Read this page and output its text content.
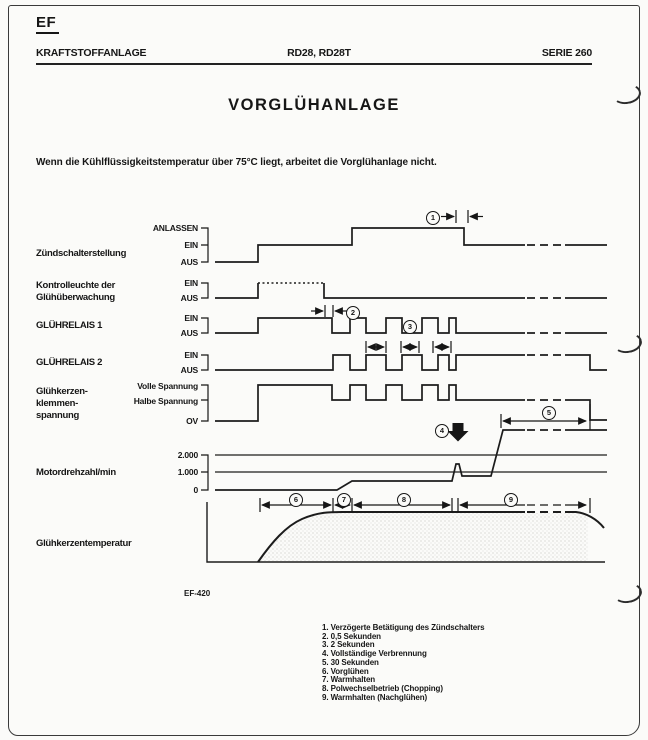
EF
KRAFTSTOFFANLAGE	RD28, RD28T	SERIE 260
VORGLÜHANLAGE
Wenn die Kühlflüssigkeitstemperatur über 75°C liegt, arbeitet die Vorglühanlage nicht.
Zündschalterstellung
Kontrolleuchte der
Glühüberwachung
GLÜHRELAIS 1
GLÜHRELAIS 2
Glühkerzen-
klemmen-
spannung
Motordrehzahl/min
Glühkerzentemperatur
ANLASSEN
EIN
AUS
EIN
AUS
EIN
AUS
EIN
AUS
Volle Spannung
Halbe Spannung
OV
2.000
1.000
0
1
2
3
4
5
6	7	8	9
EF-420
1. Verzögerte Betätigung des Zündschalters
2. 0,5 Sekunden
3. 2 Sekunden
4. Vollständige Verbrennung
5. 30 Sekunden
6. Vorglühen
7. Warmhalten
8. Polwechselbetrieb (Chopping)
9. Warmhalten (Nachglühen)
